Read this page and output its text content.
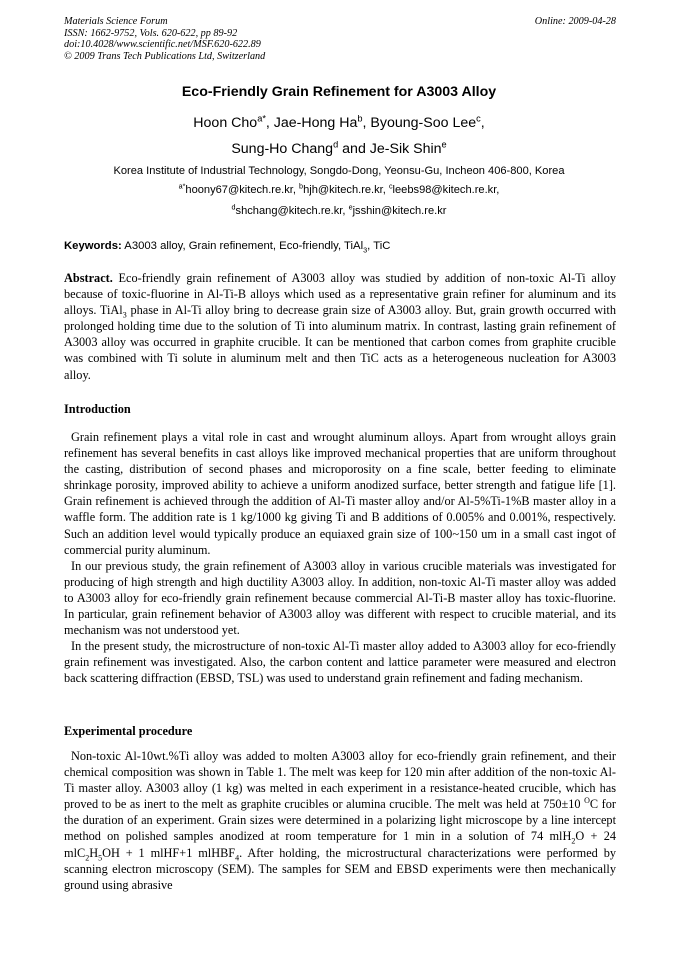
Materials Science Forum
ISSN: 1662-9752, Vols. 620-622, pp 89-92
doi:10.4028/www.scientific.net/MSF.620-622.89
© 2009 Trans Tech Publications Ltd, Switzerland
Online: 2009-04-28
Eco-Friendly Grain Refinement for A3003 Alloy
Hoon Cho$^{a*}$, Jae-Hong Ha$^b$, Byoung-Soo Lee$^c$,
Sung-Ho Chang$^d$ and Je-Sik Shin$^e$
Korea Institute of Industrial Technology, Songdo-Dong, Yeonsu-Gu, Incheon 406-800, Korea
$^{a*}$hoony67@kitech.re.kr, $^b$hjh@kitech.re.kr, $^c$leebs98@kitech.re.kr,
$^d$shchang@kitech.re.kr, $^e$jsshin@kitech.re.kr
Keywords: A3003 alloy, Grain refinement, Eco-friendly, TiAl$_3$, TiC
Abstract. Eco-friendly grain refinement of A3003 alloy was studied by addition of non-toxic Al-Ti alloy because of toxic-fluorine in Al-Ti-B alloys which used as a representative grain refiner for aluminum and its alloys. TiAl$_3$ phase in Al-Ti alloy bring to decrease grain size of A3003 alloy. But, grain growth occurred with prolonged holding time due to the solution of Ti into aluminum matrix. In contrast, lasting grain refinement of A3003 alloy was occurred in graphite crucible. It can be mentioned that carbon comes from graphite crucible was combined with Ti solute in aluminum melt and then TiC acts as a heterogeneous nucleation for A3003 alloy.
Introduction

Grain refinement plays a vital role in cast and wrought aluminum alloys. Apart from wrought alloys grain refinement has several benefits in cast alloys like improved mechanical properties that are uniform throughout the casting, distribution of second phases and microporosity on a fine scale, better feeding to eliminate shrinkage porosity, improved ability to achieve a uniform anodized surface, better strength and fatigue life [1]. Grain refinement is achieved through the addition of Al-Ti master alloy and/or Al-5%Ti-1%B master alloy in a waffle form. The addition rate is 1 kg/1000 kg giving Ti and B additions of 0.005% and 0.001%, respectively. Such an addition level would typically produce an equiaxed grain size of 100~150 um in a small cast ingot of commercial purity aluminum.

In our previous study, the grain refinement of A3003 alloy in various crucible materials was investigated for producing of high strength and high ductility A3003 alloy. In addition, non-toxic Al-Ti master alloy was added to A3003 alloy for eco-friendly grain refinement because commercial Al-Ti-B master alloy has toxic-fluorine. In particular, grain refinement behavior of A3003 alloy was different with respect to crucible material, and its mechanism was not understood yet.

In the present study, the microstructure of non-toxic Al-Ti master alloy added to A3003 alloy for eco-friendly grain refinement was investigated. Also, the carbon content and lattice parameter were measured and electron back scattering diffraction (EBSD, TSL) was used to understand grain refinement and fading mechanism.

Experimental procedure

Non-toxic Al-10wt.%Ti alloy was added to molten A3003 alloy for eco-friendly grain refinement, and their chemical composition was shown in Table 1. The melt was keep for 120 min after addition of the non-toxic Al-Ti master alloy. A3003 alloy (1 kg) was melted in each experiment in a resistance-heated crucible, which has proved to be as inert to the melt as graphite crucibles or alumina crucible. The melt was held at 750±10 $^O$C for the duration of an experiment. Grain sizes were determined in a polarizing light microscope by a line intercept method on polished samples anodized at room temperature for 1 min in a solution of 74 mlH$_2$O + 24 $mlC_2H_5OH + 1$ mlHF+1 mlHBF$_4$. After holding, the microstructural characterizations were performed by scanning electron microscopy (SEM). The samples for SEM and EBSD experiments were then mechanically ground using abrasive
